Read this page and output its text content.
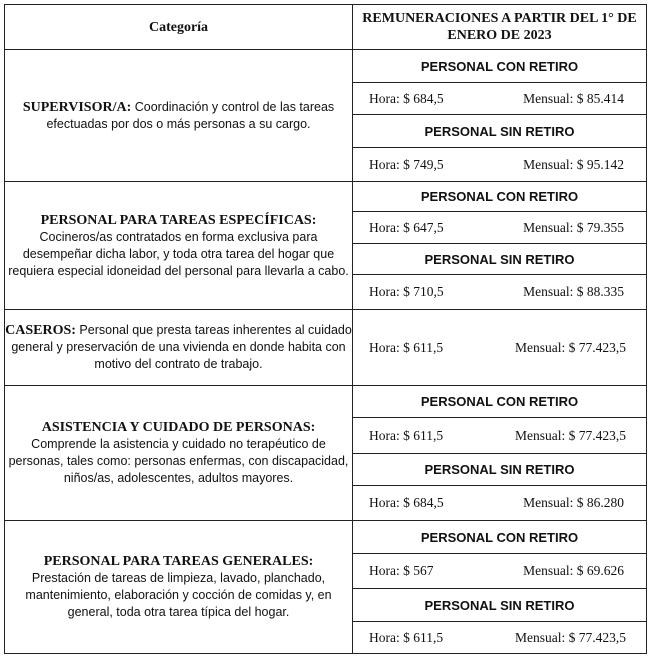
Categoría	REMUNERACIONES A PARTIR DEL 1° DE ENERO DE 2023
SUPERVISOR/A: Coordinación y control de las tareas efectuadas por dos o más personas a su cargo.	PERSONAL CON RETIRO

	Hora: $ 684,5 Mensual: $ 85.414

	PERSONAL SIN RETIRO

	Hora: $ 749,5 Mensual: $ 95.142

PERSONAL PARA TAREAS ESPECÍFICAS:
Cocineros/as contratados en forma exclusiva para desempeñar dicha labor, y toda otra tarea del hogar que requiera especial idoneidad del personal para llevarla a cabo.	PERSONAL CON RETIRO

	Hora: $ 647,5 Mensual: $ 79.355

	PERSONAL SIN RETIRO

	Hora: $ 710,5 Mensual: $ 88.335

CASEROS: Personal que presta tareas inherentes al cuidado general y preservación de una vivienda en donde habita con motivo del contrato de trabajo.	Hora: $ 611,5 Mensual: $ 77.423,5

ASISTENCIA Y CUIDADO DE PERSONAS:
Comprende la asistencia y cuidado no terapéutico de personas, tales como: personas enfermas, con discapacidad, niños/as, adolescentes, adultos mayores.	PERSONAL CON RETIRO

	Hora: $ 611,5 Mensual: $ 77.423,5

	PERSONAL SIN RETIRO

	Hora: $ 684,5 Mensual: $ 86.280

PERSONAL PARA TAREAS GENERALES:
Prestación de tareas de limpieza, lavado, planchado, mantenimiento, elaboración y cocción de comidas y, en general, toda otra tarea típica del hogar.	PERSONAL CON RETIRO

	Hora: $ 567 Mensual: $ 69.626

	PERSONAL SIN RETIRO

	Hora: $ 611,5 Mensual: $ 77.423,5
